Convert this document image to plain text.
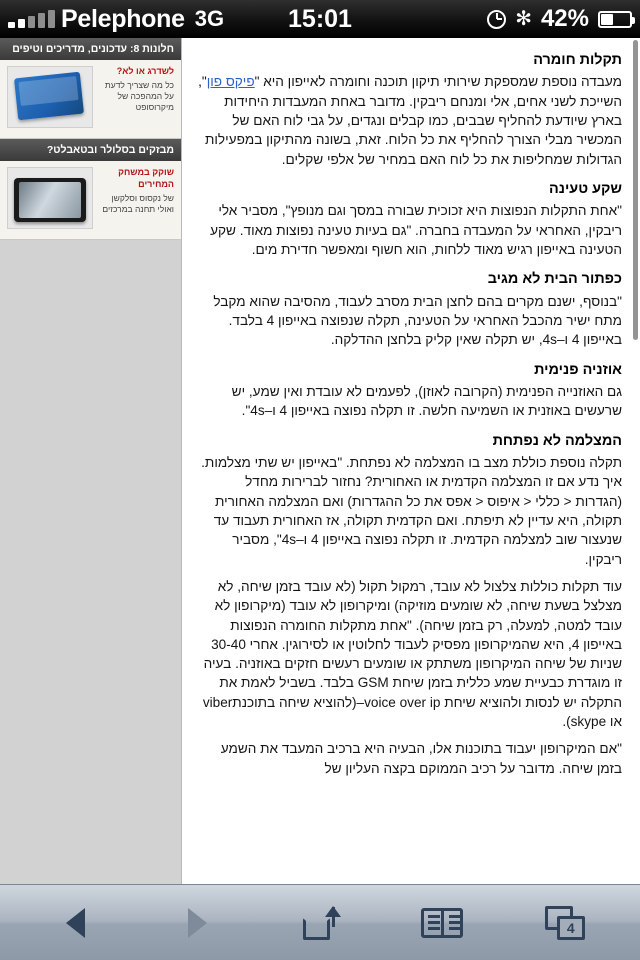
Pelephone 3G	15:01	✻ 42%
חלונות 8: עדכונים, מדריכים וטיפים
לשדרג או לא?
כל מה שצריך לדעת על המהפכה של מיקרוסופט
מבזקים בסלולר ובטאבלט?
שוקק במשחק המחירים
של נקסוס וסלקשן ואולי תחנה במרכזים
תקלות חומרה

מעבדה נוספת שמספקת שירותי תיקון תוכנה וחומרה לאייפון היא "פיקס פון", השייכת לשני אחים, אלי ומנחם ריבקין. מדובר באחת המעבדות היחידות בארץ שיודעת להחליף שבבים, כמו קבלים ונגדים, על גבי לוח האם של המכשיר מבלי הצורך להחליף את כל הלוח. זאת, בשונה מהתיקון במפעילות הגדולות שמחליפות את כל לוח האם במחיר של אלפי שקלים.

שקע טעינה

"אחת התקלות הנפוצות היא זכוכית שבורה במסך וגם מנופץ", מסביר אלי ריבקין, האחראי על המעבדה בחברה. "גם בעיות טעינה נפוצות מאוד. שקע הטעינה באייפון רגיש מאוד ללחות, הוא חשוף ומאפשר חדירת מים.

כפתור הבית לא מגיב

"בנוסף, ישנם מקרים בהם לחצן הבית מסרב לעבוד, מהסיבה שהוא מקבל מתח ישיר מהכבל האחראי על הטעינה, תקלה שנפוצה באייפון 4 בלבד. באייפון 4 ו–4s, יש תקלה שאין קליק בלחצן ההדלקה.

אוזניה פנימית

גם האוזנייה הפנימית (הקרובה לאוזן), לפעמים לא עובדת ואין שמע, יש שרעשים באוזנית או השמיעה חלשה. זו תקלה נפוצה באייפון 4 ו–4s".

המצלמה לא נפתחת

תקלה נוספת כוללת מצב בו המצלמה לא נפתחת. "באייפון יש שתי מצלמות. איך נדע אם זו המצלמה הקדמית או האחורית? נחזור לברירות מחדל (הגדרות < כללי < איפוס < אפס את כל ההגדרות) ואם המצלמה האחורית תקולה, היא עדיין לא תיפתח. ואם הקדמית תקולה, אז האחורית תעבוד עד שנעצור שוב למצלמה הקדמית. זו תקלה נפוצה באייפון 4 ו–4s", מסביר ריבקין.

עוד תקלות כוללות צלצול לא עובד, רמקול תקול (לא עובד בזמן שיחה, לא מצלצל בשעת שיחה, לא שומעים מוזיקה) ומיקרופון לא עובד (מיקרופון לא עובד למטה, למעלה, רק בזמן שיחה). "אחת מתקלות החומרה הנפוצות באייפון 4, היא שהמיקרופון מפסיק לעבוד לחלוטין או לסירוגין. אחרי 30-40 שניות של שיחה המיקרופון משתתק או שומעים רעשים חזקים באוזניה. בעיה זו מוגדרת כבעיית שמע כללית בזמן שיחת GSM בלבד. בשביל לאמת את התקלה יש לנסות ולהוציא שיחת voice over ip–(להוציא שיחה בתוכנתviber או skype).

"אם המיקרופון יעבוד בתוכנות אלו, הבעיה היא ברכיב המעבד את השמע בזמן שיחה. מדובר על רכיב הממוקם בקצה העליון של

4
